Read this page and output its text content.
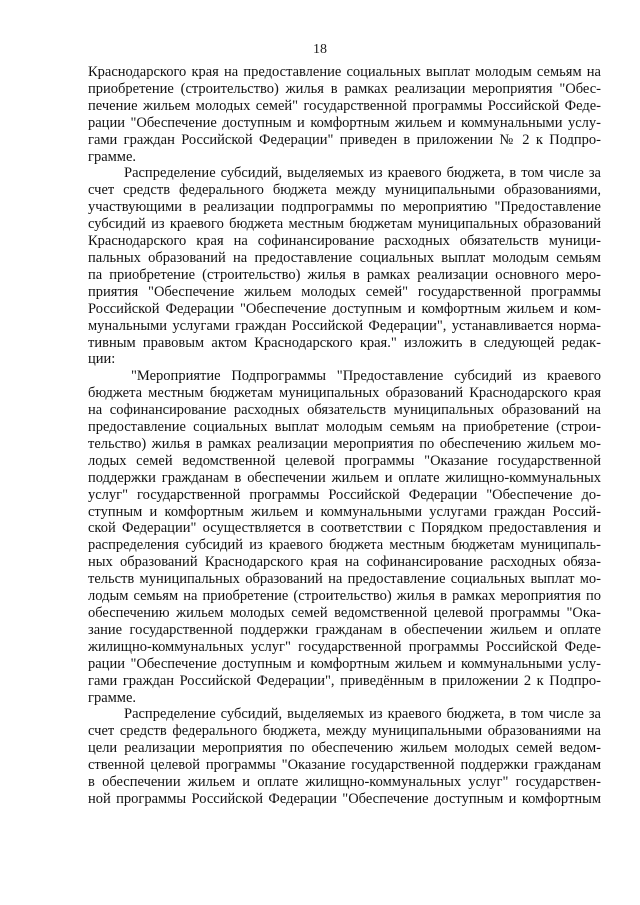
18

Краснодарского края на предоставление социальных выплат молодым семьям на
приобретение (строительство) жилья в рамках реализации мероприятия "Обес-
печение жильем молодых семей" государственной программы Российской Феде-
рации "Обеспечение доступным и комфортным жильем и коммунальными услу-
гами граждан Российской Федерации" приведен в приложении № 2 к Подпро-
грамме.

Распределение субсидий, выделяемых из краевого бюджета, в том числе за
счет средств федерального бюджета между муниципальными образованиями,
участвующими в реализации подпрограммы по мероприятию "Предоставление
субсидий из краевого бюджета местным бюджетам муниципальных образований
Краснодарского края на софинансирование расходных обязательств муници-
пальных образований на предоставление социальных выплат молодым семьям
па приобретение (строительство) жилья в рамках реализации основного меро-
приятия "Обеспечение жильем молодых семей" государственной программы
Российской Федерации "Обеспечение доступным и комфортным жильем и ком-
мунальными услугами граждан Российской Федерации", устанавливается норма-
тивным правовым актом Краснодарского края." изложить в следующей редак-
ции:

"Мероприятие Подпрограммы "Предоставление субсидий из краевого
бюджета местным бюджетам муниципальных образований Краснодарского края
на софинансирование расходных обязательств муниципальных образований на
предоставление социальных выплат молодым семьям на приобретение (строи-
тельство) жилья в рамках реализации мероприятия по обеспечению жильем мо-
лодых семей ведомственной целевой программы "Оказание государственной
поддержки гражданам в обеспечении жильем и оплате жилищно-коммунальных
услуг" государственной программы Российской Федерации "Обеспечение до-
ступным и комфортным жильем и коммунальными услугами граждан Россий-
ской Федерации" осуществляется в соответствии с Порядком предоставления и
распределения субсидий из краевого бюджета местным бюджетам муниципаль-
ных образований Краснодарского края на софинансирование расходных обяза-
тельств муниципальных образований на предоставление социальных выплат мо-
лодым семьям на приобретение (строительство) жилья в рамках мероприятия по
обеспечению жильем молодых семей ведомственной целевой программы "Ока-
зание государственной поддержки гражданам в обеспечении жильем и оплате
жилищно-коммунальных услуг" государственной программы Российской Феде-
рации "Обеспечение доступным и комфортным жильем и коммунальными услу-
гами граждан Российской Федерации", приведённым в приложении 2 к Подпро-
грамме.

Распределение субсидий, выделяемых из краевого бюджета, в том числе за
счет средств федерального бюджета, между муниципальными образованиями на
цели реализации мероприятия по обеспечению жильем молодых семей ведом-
ственной целевой программы "Оказание государственной поддержки гражданам
в обеспечении жильем и оплате жилищно-коммунальных услуг" государствен-
ной программы Российской Федерации "Обеспечение доступным и комфортным
